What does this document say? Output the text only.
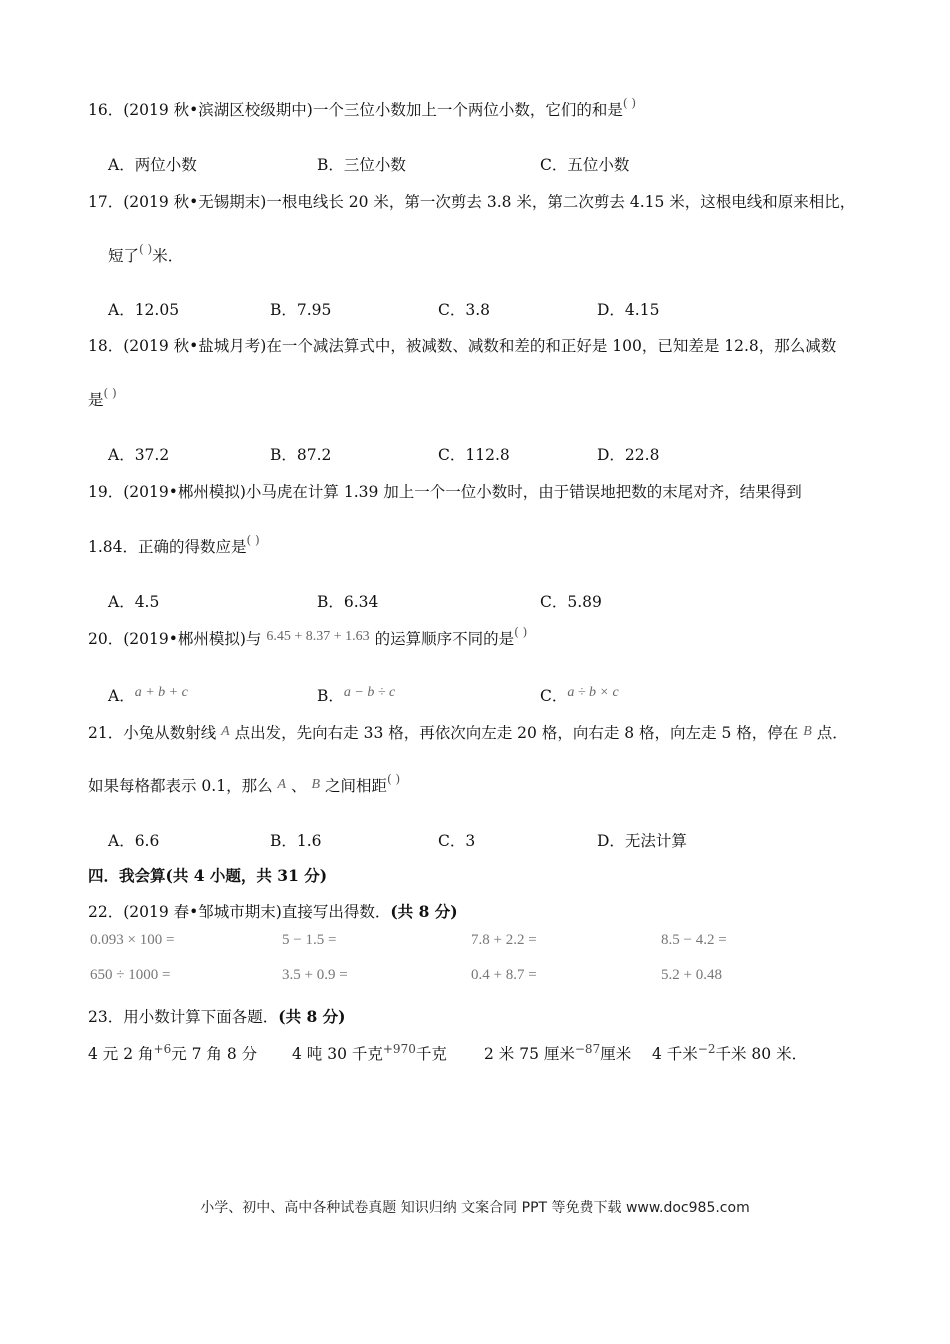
16．(2019 秋•滨湖区校级期中)一个三位小数加上一个两位小数，它们的和是( )
A．两位小数	B．三位小数	C．五位小数
17．(2019 秋•无锡期末)一根电线长 20 米，第一次剪去 3.8 米，第二次剪去 4.15 米，这根电线和原来相比，
短了( )米．
A．12.05	B．7.95	C．3.8	D．4.15
18．(2019 秋•盐城月考)在一个减法算式中，被减数、减数和差的和正好是 100，已知差是 12.8，那么减数
是( )
A．37.2	B．87.2	C．112.8	D．22.8
19．(2019•郴州模拟)小马虎在计算 1.39 加上一个一位小数时，由于错误地把数的末尾对齐，结果得到
1.84．正确的得数应是( )
A．4.5	B．6.34	C．5.89
20．(2019•郴州模拟)与 6.45 + 8.37 + 1.63 的运算顺序不同的是( )
A．a + b + c	B．a − b ÷ c	C．a ÷ b × c
21．小兔从数射线 A 点出发，先向右走 33 格，再依次向左走 20 格，向右走 8 格，向左走 5 格，停在 B 点．
如果每格都表示 0.1，那么 A 、 B 之间相距( )
A．6.6	B．1.6	C．3	D．无法计算
四．我会算(共 4 小题，共 31 分)
22．(2019 春•邹城市期末)直接写出得数．(共 8 分)
0.093 × 100 =	5 − 1.5 =	7.8 + 2.2 =	8.5 − 4.2 =
650 ÷ 1000 =	3.5 + 0.9 =	0.4 + 8.7 =	5.2 + 0.48
23．用小数计算下面各题．(共 8 分)
4 元 2 角$^{+6}$元 7 角 8 分 4 吨 30 千克$^{+970}$千克 2 米 75 厘米$^{-87}$厘米 4 千米$^{-2}$千米 80 米．
小学、初中、高中各种试卷真题 知识归纳 文案合同 PPT 等免费下载 www.doc985.com
